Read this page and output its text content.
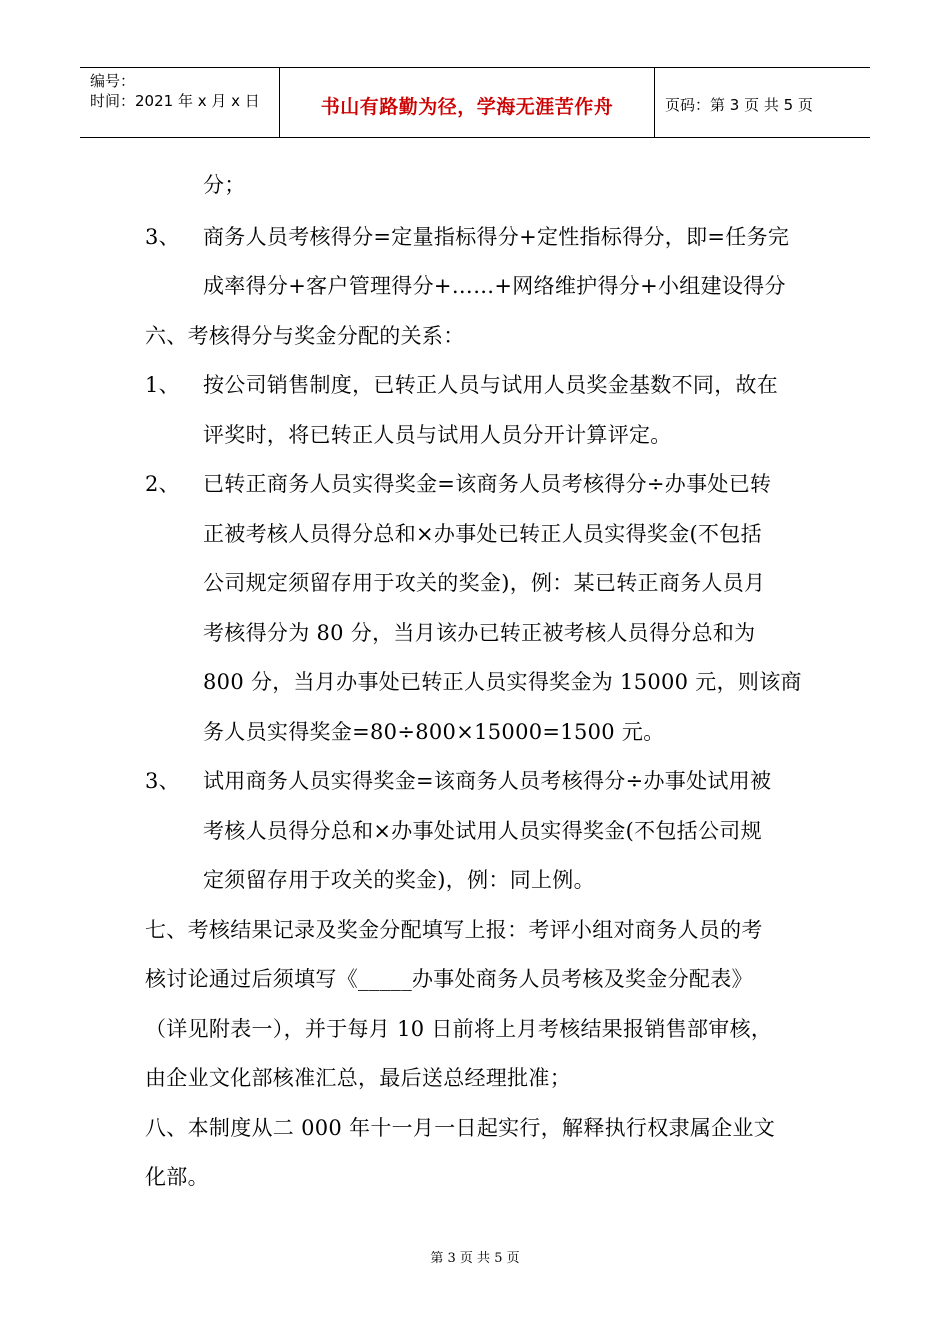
编号：
时间：2021 年 x 月 x 日	书山有路勤为径，学海无涯苦作舟	页码：第 3 页 共 5 页
分；
3、 商务人员考核得分=定量指标得分+定性指标得分，即=任务完
成率得分+客户管理得分+……+网络维护得分+小组建设得分
六、考核得分与奖金分配的关系：
1、 按公司销售制度，已转正人员与试用人员奖金基数不同，故在
评奖时，将已转正人员与试用人员分开计算评定。
2、 已转正商务人员实得奖金=该商务人员考核得分÷办事处已转
正被考核人员得分总和×办事处已转正人员实得奖金(不包括
公司规定须留存用于攻关的奖金)，例：某已转正商务人员月
考核得分为 80 分，当月该办已转正被考核人员得分总和为
800 分，当月办事处已转正人员实得奖金为 15000 元，则该商
务人员实得奖金=80÷800×15000=1500 元。
3、 试用商务人员实得奖金=该商务人员考核得分÷办事处试用被
考核人员得分总和×办事处试用人员实得奖金(不包括公司规
定须留存用于攻关的奖金)，例：同上例。
七、考核结果记录及奖金分配填写上报：考评小组对商务人员的考
核讨论通过后须填写《_____办事处商务人员考核及奖金分配表》
（详见附表一），并于每月 10 日前将上月考核结果报销售部审核，
由企业文化部核准汇总，最后送总经理批准；
八、本制度从二 000 年十一月一日起实行，解释执行权隶属企业文
化部。
第 3 页 共 5 页
